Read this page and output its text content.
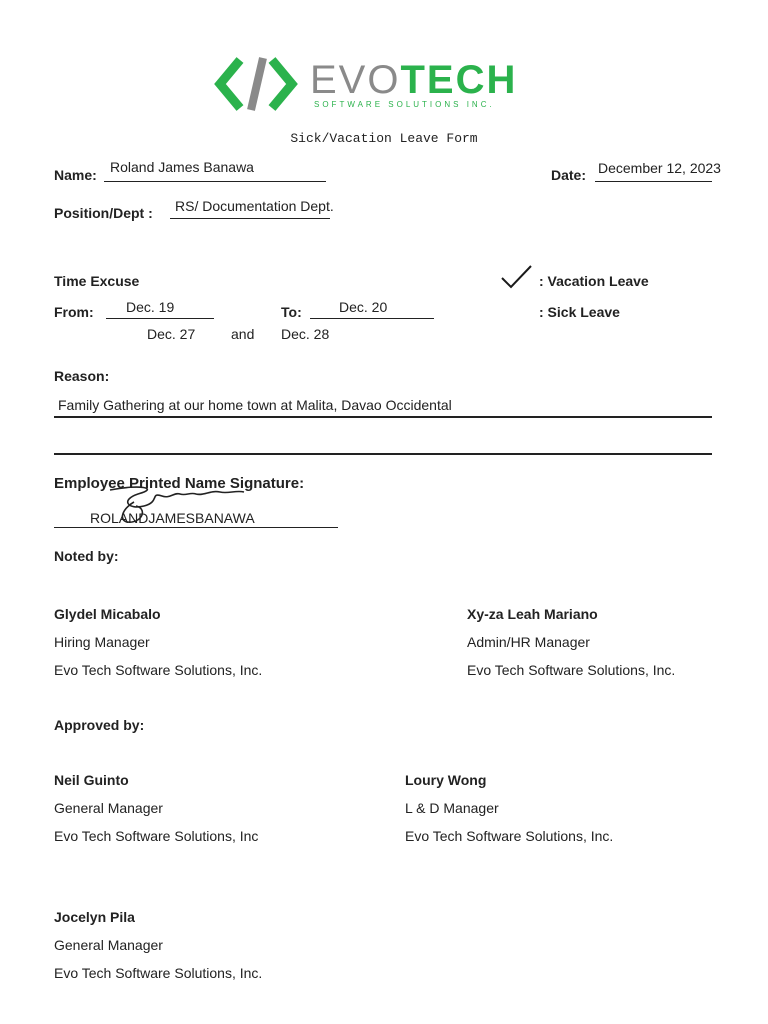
EVOTECH
SOFTWARE SOLUTIONS INC.
Sick/Vacation Leave Form
Name: Roland James Banawa	Date: December 12, 2023
Position/Dept : RS/ Documentation Dept.
Time Excuse
From: Dec. 19	To:	Dec. 20
Dec. 27	and Dec. 28
: Vacation Leave
: Sick Leave
Reason:
Family Gathering at our home town at Malita, Davao Occidental
Employee Printed Name Signature:
ROLANDJAMESBANAWA
Noted by:
Glydel Micabalo
Hiring Manager
Evo Tech Software Solutions, Inc.
Xy-za Leah Mariano
Admin/HR Manager
Evo Tech Software Solutions, Inc.
Approved by:
Neil Guinto
General Manager
Evo Tech Software Solutions, Inc
Loury Wong
L & D Manager
Evo Tech Software Solutions, Inc.
Jocelyn Pila
General Manager
Evo Tech Software Solutions, Inc.
